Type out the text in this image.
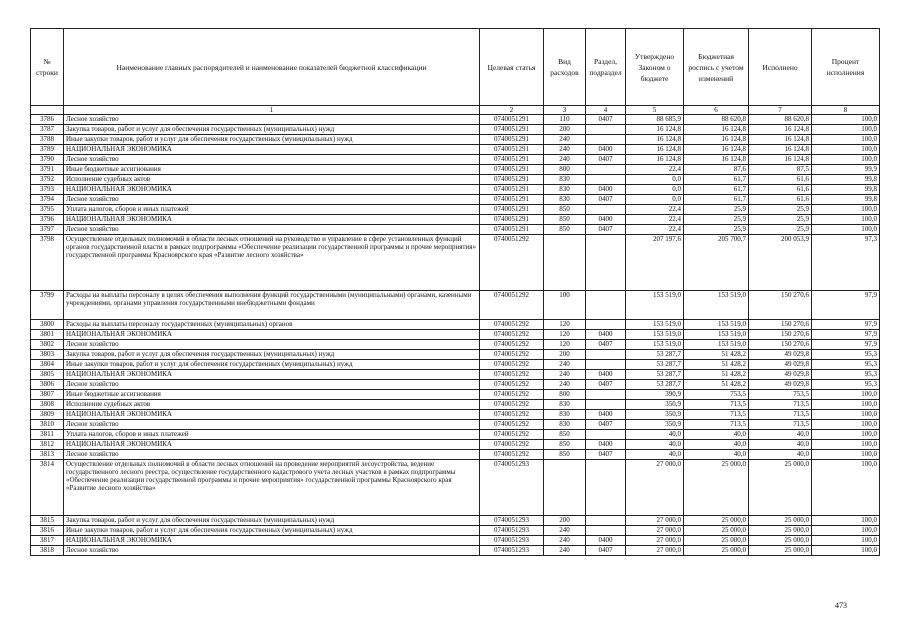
№ строки	Наименование главных распорядителей и наименование показателей бюджетной классификации	Целевая статья	Вид расходов	Раздел, подраздел	Утверждено Законом о бюджете	Бюджетная роспись с учетом изменений	Исполнено	Процент исполнения
	1	2	3	4	5	6	7	8
3786	Лесное хозяйство	0740051291	110	0407	88 685,9	88 620,8	88 620,8	100,0
3787	Закупка товаров, работ и услуг для обеспечения государственных (муниципальных) нужд	0740051291	200		16 124,8	16 124,8	16 124,8	100,0
3788	Иные закупки товаров, работ и услуг для обеспечения государственных (муниципальных) нужд	0740051291	240		16 124,8	16 124,8	16 124,8	100,0
3789	НАЦИОНАЛЬНАЯ ЭКОНОМИКА	0740051291	240	0400	16 124,8	16 124,8	16 124,8	100,0
3790	Лесное хозяйство	0740051291	240	0407	16 124,8	16 124,8	16 124,8	100,0
3791	Иные бюджетные ассигнования	0740051291	800		22,4	87,6	87,5	99,9
3792	Исполнение судебных актов	0740051291	830		0,0	61,7	61,6	99,8
3793	НАЦИОНАЛЬНАЯ ЭКОНОМИКА	0740051291	830	0400	0,0	61,7	61,6	99,8
3794	Лесное хозяйство	0740051291	830	0407	0,0	61,7	61,6	99,8
3795	Уплата налогов, сборов и иных платежей	0740051291	850		22,4	25,9	25,9	100,0
3796	НАЦИОНАЛЬНАЯ ЭКОНОМИКА	0740051291	850	0400	22,4	25,9	25,9	100,0
3797	Лесное хозяйство	0740051291	850	0407	22,4	25,9	25,9	100,0
3798	Осуществление отдельных полномочий в области лесных отношений на руководство и управление в сфере установленных функций органов государственной власти в рамках подпрограммы «Обеспечение реализации государственной программы и прочие мероприятия» государственной программы Красноярского края «Развитие лесного хозяйства»	0740051292			207 197,6	205 700,7	200 053,9	97,3
3799	Расходы на выплаты персоналу в целях обеспечения выполнения функций государственными (муниципальными) органами, казенными учреждениями, органами управления государственными внебюджетными фондами	0740051292	100		153 519,0	153 519,0	150 270,6	97,9
3800	Расходы на выплаты персоналу государственных (муниципальных) органов	0740051292	120		153 519,0	153 519,0	150 270,6	97,9
3801	НАЦИОНАЛЬНАЯ ЭКОНОМИКА	0740051292	120	0400	153 519,0	153 519,0	150 270,6	97,9
3802	Лесное хозяйство	0740051292	120	0407	153 519,0	153 519,0	150 270,6	97,9
3803	Закупка товаров, работ и услуг для обеспечения государственных (муниципальных) нужд	0740051292	200		53 287,7	51 428,2	49 029,8	95,3
3804	Иные закупки товаров, работ и услуг для обеспечения государственных (муниципальных) нужд	0740051292	240		53 287,7	51 428,2	49 029,8	95,3
3805	НАЦИОНАЛЬНАЯ ЭКОНОМИКА	0740051292	240	0400	53 287,7	51 428,2	49 029,8	95,3
3806	Лесное хозяйство	0740051292	240	0407	53 287,7	51 428,2	49 029,8	95,3
3807	Иные бюджетные ассигнования	0740051292	800		390,9	753,5	753,5	100,0
3808	Исполнение судебных актов	0740051292	830		350,9	713,5	713,5	100,0
3809	НАЦИОНАЛЬНАЯ ЭКОНОМИКА	0740051292	830	0400	350,9	713,5	713,5	100,0
3810	Лесное хозяйство	0740051292	830	0407	350,9	713,5	713,5	100,0
3811	Уплата налогов, сборов и иных платежей	0740051292	850		40,0	40,0	40,0	100,0
3812	НАЦИОНАЛЬНАЯ ЭКОНОМИКА	0740051292	850	0400	40,0	40,0	40,0	100,0
3813	Лесное хозяйство	0740051292	850	0407	40,0	40,0	40,0	100,0
3814	Осуществление отдельных полномочий в области лесных отношений на проведение мероприятий лесоустройства, ведение государственного лесного реестра, осуществление государственного кадастрового учета лесных участков в рамках подпрограммы «Обеспечение реализации государственной программы и прочие мероприятия» государственной программы Красноярского края «Развитие лесного хозяйства»	0740051293			27 000,0	25 000,0	25 000,0	100,0
3815	Закупка товаров, работ и услуг для обеспечения государственных (муниципальных) нужд	0740051293	200		27 000,0	25 000,0	25 000,0	100,0
3816	Иные закупки товаров, работ и услуг для обеспечения государственных (муниципальных) нужд	0740051293	240		27 000,0	25 000,0	25 000,0	100,0
3817	НАЦИОНАЛЬНАЯ ЭКОНОМИКА	0740051293	240	0400	27 000,0	25 000,0	25 000,0	100,0
3818	Лесное хозяйство	0740051293	240	0407	27 000,0	25 000,0	25 000,0	100,0
473
